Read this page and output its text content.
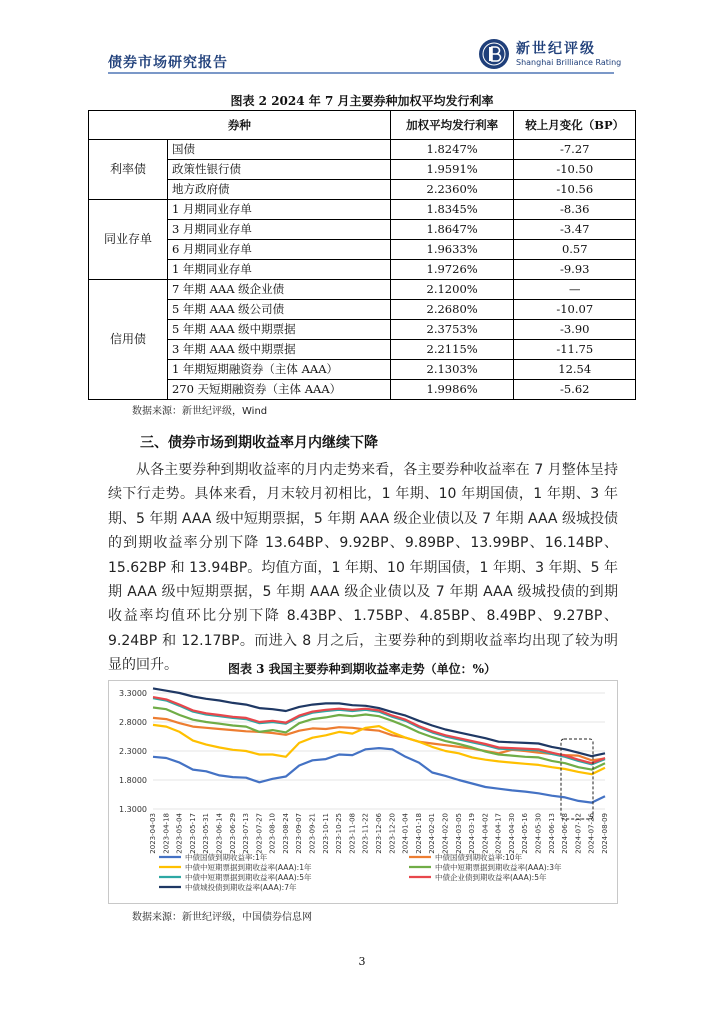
债券市场研究报告
新世纪评级
Shanghai Brilliance Rating
图表 2 2024 年 7 月主要券种加权平均发行利率
券种		加权平均发行利率	较上月变化（BP）
利率债	国债	1.8247%	-7.27
	政策性银行债	1.9591%	-10.50
	地方政府债	2.2360%	-10.56
同业存单	1 月期同业存单	1.8345%	-8.36
	3 月期同业存单	1.8647%	-3.47
	6 月期同业存单	1.9633%	0.57
	1 年期同业存单	1.9726%	-9.93
信用债	7 年期 AAA 级企业债	2.1200%	—
	5 年期 AAA 级公司债	2.2680%	-10.07
	5 年期 AAA 级中期票据	2.3753%	-3.90
	3 年期 AAA 级中期票据	2.2115%	-11.75
	1 年期短期融资券（主体 AAA）	2.1303%	12.54
	270 天短期融资券（主体 AAA）	1.9986%	-5.62
数据来源：新世纪评级，Wind
三、债券市场到期收益率月内继续下降
从各主要券种到期收益率的月内走势来看，各主要券种收益率在 7 月整体呈持续下行走势。具体来看，月末较月初相比，1 年期、10 年期国债，1 年期、3 年期、5 年期 AAA 级中短期票据，5 年期 AAA 级企业债以及 7 年期 AAA 级城投债的到期收益率分别下降 13.64BP、9.92BP、9.89BP、13.99BP、16.14BP、15.62BP 和 13.94BP。均值方面，1 年期、10 年期国债，1 年期、3 年期、5 年期 AAA 级中短期票据，5 年期 AAA 级企业债以及 7 年期 AAA 级城投债的到期收益率均值环比分别下降 8.43BP、1.75BP、4.85BP、8.49BP、9.27BP、9.24BP 和 12.17BP。而进入 8 月之后，主要券种的到期收益率均出现了较为明显的回升。	图表 3 我国主要券种到期收益率走势（单位：%）
1.3000
1.8000
2.3000
2.8000
3.3000
2023-04-03 2023-04-18 2023-05-04 2023-05-17 2023-05-31 2023-06-14 2023-06-29 2023-07-13 2023-07-27 2023-08-10 2023-08-24 2023-09-07 2023-09-21 2023-10-11 2023-10-25 2023-11-08 2023-11-22 2023-12-06 2023-12-20 2024-01-04 2024-01-18 2024-02-01 2024-02-20 2024-03-05 2024-03-19 2024-04-02 2024-04-17 2024-04-30 2024-05-16 2024-05-30 2024-06-13 2024-06-28 2024-07-12 2024-07-26 2024-08-09
中债国债到期收益率:1年	中债国债到期收益率:10年
中债中短期票据到期收益率(AAA):1年	中债中短期票据到期收益率(AAA):3年
中债中短期票据到期收益率(AAA):5年	中债企业债到期收益率(AAA):5年
中债城投债到期收益率(AAA):7年
数据来源：新世纪评级，中国债券信息网
3
